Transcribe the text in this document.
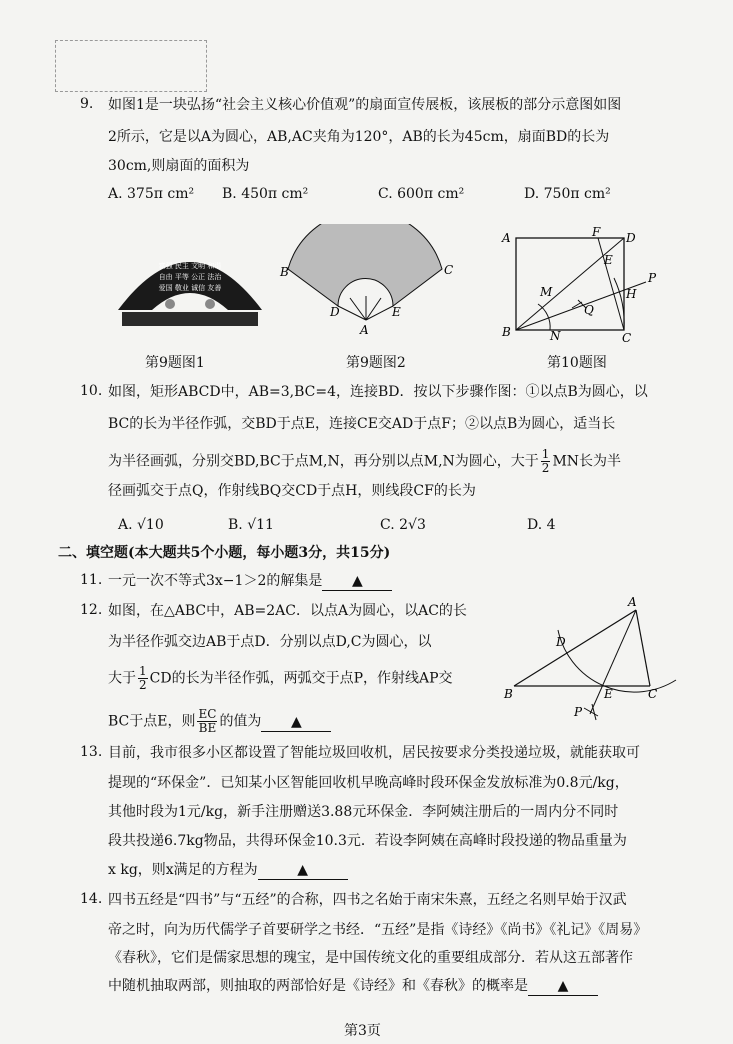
9. 如图1是一块弘扬“社会主义核心价值观”的扇面宣传展板，该展板的部分示意图如图
2所示，它是以A为圆心，AB,AC夹角为120°，AB的长为45cm，扇面BD的长为
30cm,则扇面的面积为
A. 375π cm² B. 450π cm²	C. 600π cm²	D. 750π cm²
富强 民主 文明 和谐
自由 平等 公正 法治
爱国 敬业 诚信 友善
第9题图1
B	C
D	E
A
第9题图2
A	D
F
E
P
H
M
Q
B	N	C
第10题图
10. 如图，矩形ABCD中，AB=3,BC=4，连接BD．按以下步骤作图：①以点B为圆心，以
BC的长为半径作弧，交BD于点E，连接CE交AD于点F；②以点B为圆心，适当长
为半径画弧，分别交BD,BC于点M,N，再分别以点M,N为圆心，大于 $\frac{1}{2}$ MN长为半
径画弧交于点Q，作射线BQ交CD于点H，则线段CF的长为
A. √10	B. √11	C. 2√3	D. 4
二、填空题(本大题共5个小题，每小题3分，共15分)
11. 一元一次不等式3x−1＞2的解集是 ▲
12. 如图，在△ABC中，AB=2AC．以点A为圆心，以AC的长
为半径作弧交边AB于点D．分别以点D,C为圆心，以
大于 $\frac{1}{2}$ CD的长为半径作弧，两弧交于点P，作射线AP交
BC于点E，则 $\frac{EC}{BE}$ 的值为 ▲
A
D
B	E	C
P
13. 目前，我市很多小区都设置了智能垃圾回收机，居民按要求分类投递垃圾，就能获取可
提现的“环保金”．已知某小区智能回收机早晚高峰时段环保金发放标准为0.8元/kg，
其他时段为1元/kg，新手注册赠送3.88元环保金．李阿姨注册后的一周内分不同时
段共投递6.7kg物品，共得环保金10.3元．若设李阿姨在高峰时段投递的物品重量为
x kg，则x满足的方程为	▲
14. 四书五经是“四书”与“五经”的合称，四书之名始于南宋朱熹，五经之名则早始于汉武
帝之时，向为历代儒学子首要研学之书经．“五经”是指《诗经》《尚书》《礼记》《周易》
《春秋》，它们是儒家思想的瑰宝，是中国传统文化的重要组成部分．若从这五部著作
中随机抽取两部，则抽取的两部恰好是《诗经》和《春秋》的概率是 ▲
第3页
